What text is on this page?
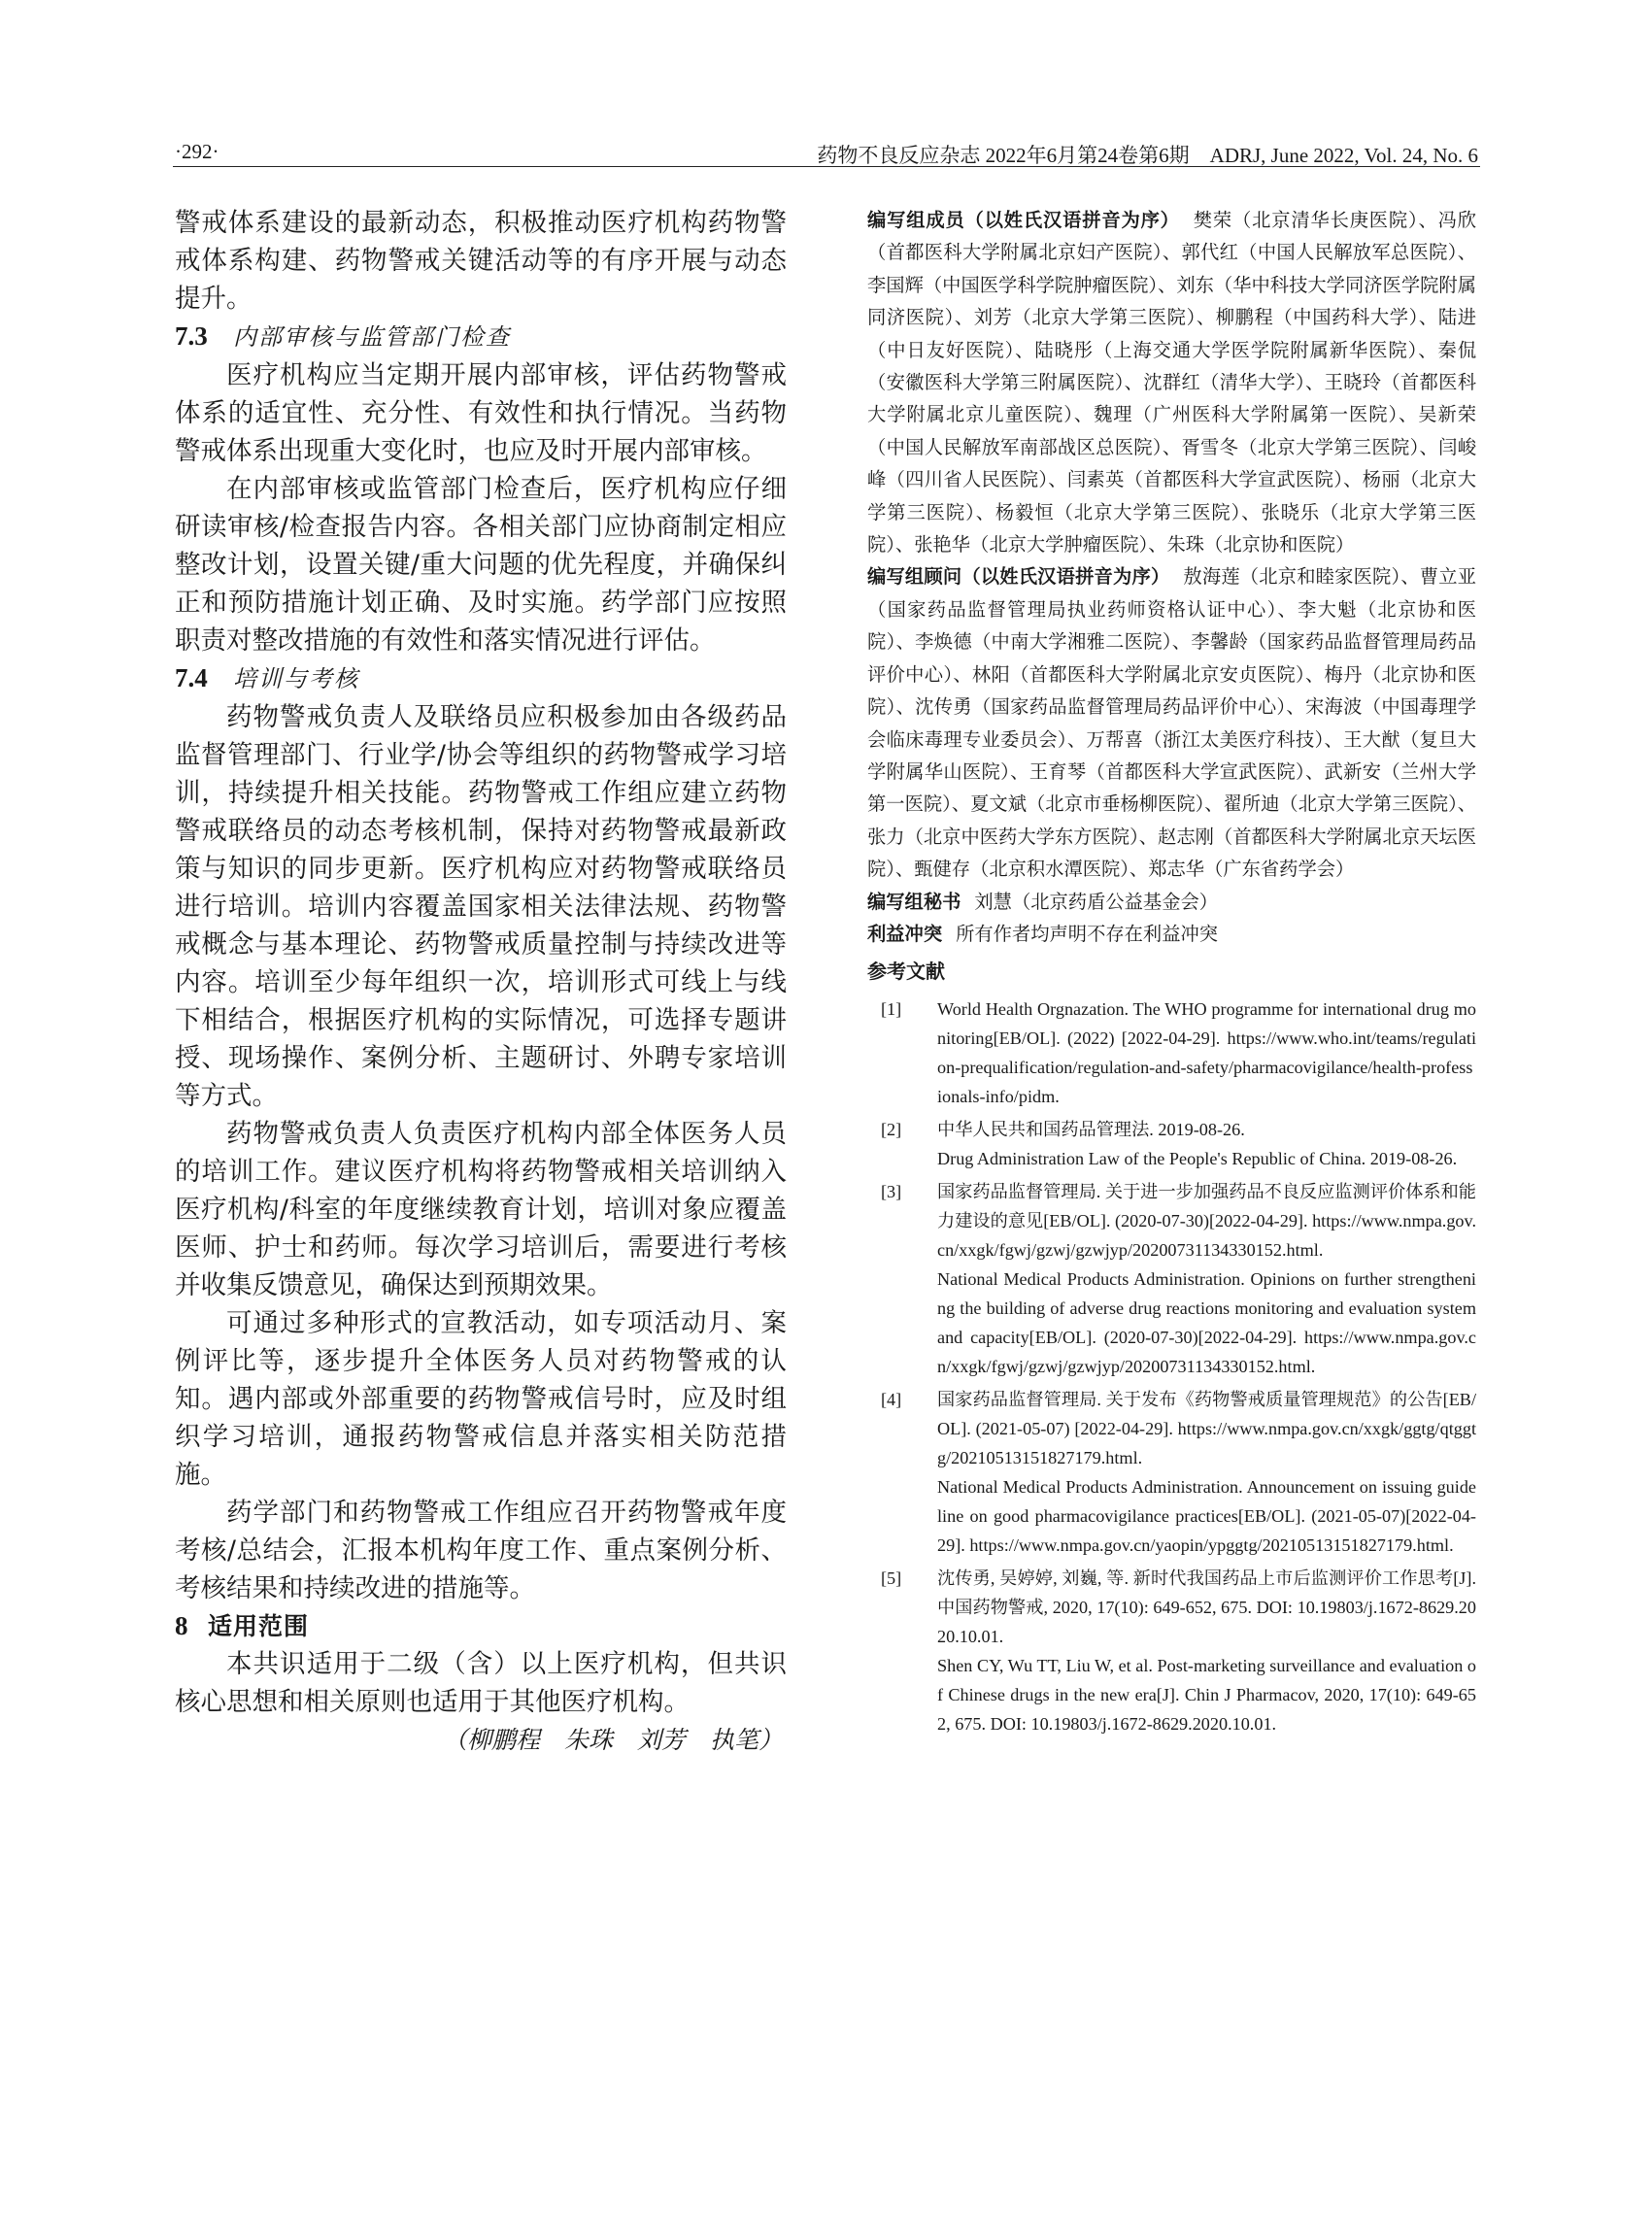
·292·	药物不良反应杂志 2022年6月第24卷第6期　ADRJ, June 2022, Vol. 24, No. 6

警戒体系建设的最新动态，积极推动医疗机构药物警戒体系构建、药物警戒关键活动等的有序开展与动态提升。

7.3 内部审核与监管部门检查

医疗机构应当定期开展内部审核，评估药物警戒体系的适宜性、充分性、有效性和执行情况。当药物警戒体系出现重大变化时，也应及时开展内部审核。

在内部审核或监管部门检查后，医疗机构应仔细研读审核/检查报告内容。各相关部门应协商制定相应整改计划，设置关键/重大问题的优先程度，并确保纠正和预防措施计划正确、及时实施。药学部门应按照职责对整改措施的有效性和落实情况进行评估。

7.4 培训与考核

药物警戒负责人及联络员应积极参加由各级药品监督管理部门、行业学/协会等组织的药物警戒学习培训，持续提升相关技能。药物警戒工作组应建立药物警戒联络员的动态考核机制，保持对药物警戒最新政策与知识的同步更新。医疗机构应对药物警戒联络员进行培训。培训内容覆盖国家相关法律法规、药物警戒概念与基本理论、药物警戒质量控制与持续改进等内容。培训至少每年组织一次，培训形式可线上与线下相结合，根据医疗机构的实际情况，可选择专题讲授、现场操作、案例分析、主题研讨、外聘专家培训等方式。

药物警戒负责人负责医疗机构内部全体医务人员的培训工作。建议医疗机构将药物警戒相关培训纳入医疗机构/科室的年度继续教育计划，培训对象应覆盖医师、护士和药师。每次学习培训后，需要进行考核并收集反馈意见，确保达到预期效果。

可通过多种形式的宣教活动，如专项活动月、案例评比等，逐步提升全体医务人员对药物警戒的认知。遇内部或外部重要的药物警戒信号时，应及时组织学习培训，通报药物警戒信息并落实相关防范措施。

药学部门和药物警戒工作组应召开药物警戒年度考核/总结会，汇报本机构年度工作、重点案例分析、考核结果和持续改进的措施等。

8 适用范围

本共识适用于二级（含）以上医疗机构，但共识核心思想和相关原则也适用于其他医疗机构。

（柳鹏程　朱珠　刘芳　执笔）

编写组成员（以姓氏汉语拼音为序） 樊荣（北京清华长庚医院）、冯欣（首都医科大学附属北京妇产医院）、郭代红（中国人民解放军总医院）、李国辉（中国医学科学院肿瘤医院）、刘东（华中科技大学同济医学院附属同济医院）、刘芳（北京大学第三医院）、柳鹏程（中国药科大学）、陆进（中日友好医院）、陆晓彤（上海交通大学医学院附属新华医院）、秦侃（安徽医科大学第三附属医院）、沈群红（清华大学）、王晓玲（首都医科大学附属北京儿童医院）、魏理（广州医科大学附属第一医院）、吴新荣（中国人民解放军南部战区总医院）、胥雪冬（北京大学第三医院）、闫峻峰（四川省人民医院）、闫素英（首都医科大学宣武医院）、杨丽（北京大学第三医院）、杨毅恒（北京大学第三医院）、张晓乐（北京大学第三医院）、张艳华（北京大学肿瘤医院）、朱珠（北京协和医院）

编写组顾问（以姓氏汉语拼音为序） 敖海莲（北京和睦家医院）、曹立亚（国家药品监督管理局执业药师资格认证中心）、李大魁（北京协和医院）、李焕德（中南大学湘雅二医院）、李馨龄（国家药品监督管理局药品评价中心）、林阳（首都医科大学附属北京安贞医院）、梅丹（北京协和医院）、沈传勇（国家药品监督管理局药品评价中心）、宋海波（中国毒理学会临床毒理专业委员会）、万帮喜（浙江太美医疗科技）、王大猷（复旦大学附属华山医院）、王育琴（首都医科大学宣武医院）、武新安（兰州大学第一医院）、夏文斌（北京市垂杨柳医院）、翟所迪（北京大学第三医院）、张力（北京中医药大学东方医院）、赵志刚（首都医科大学附属北京天坛医院）、甄健存（北京积水潭医院）、郑志华（广东省药学会）

编写组秘书 刘慧（北京药盾公益基金会）

利益冲突 所有作者均声明不存在利益冲突

参考文献

[1] World Health Orgnazation. The WHO programme for international drug monitoring[EB/OL]. (2022) [2022-04-29]. https://www.who.int/teams/regulation-prequalification/regulation-and-safety/pharmacovigilance/health-professionals-info/pidm.

[2] 中华人民共和国药品管理法. 2019-08-26.

Drug Administration Law of the People's Republic of China. 2019-08-26.

[3] 国家药品监督管理局. 关于进一步加强药品不良反应监测评价体系和能力建设的意见[EB/OL]. (2020-07-30)[2022-04-29]. https://www.nmpa.gov.cn/xxgk/fgwj/gzwj/gzwjyp/20200731134330152.html.

National Medical Products Administration. Opinions on further strengthening the building of adverse drug reactions monitoring and evaluation system and capacity[EB/OL]. (2020-07-30)[2022-04-29]. https://www.nmpa.gov.cn/xxgk/fgwj/gzwj/gzwjyp/20200731134330152.html.

[4] 国家药品监督管理局. 关于发布《药物警戒质量管理规范》的公告[EB/OL]. (2021-05-07) [2022-04-29]. https://www.nmpa.gov.cn/xxgk/ggtg/qtggtg/20210513151827179.html.

National Medical Products Administration. Announcement on issuing guideline on good pharmacovigilance practices[EB/OL]. (2021-05-07)[2022-04-29]. https://www.nmpa.gov.cn/yaopin/ypggtg/20210513151827179.html.

[5] 沈传勇, 吴婷婷, 刘巍, 等. 新时代我国药品上市后监测评价工作思考[J]. 中国药物警戒, 2020, 17(10): 649-652, 675. DOI: 10.19803/j.1672-8629.2020.10.01.

Shen CY, Wu TT, Liu W, et al. Post-marketing surveillance and evaluation of Chinese drugs in the new era[J]. Chin J Pharmacov, 2020, 17(10): 649-652, 675. DOI: 10.19803/j.1672-8629.2020.10.01.
